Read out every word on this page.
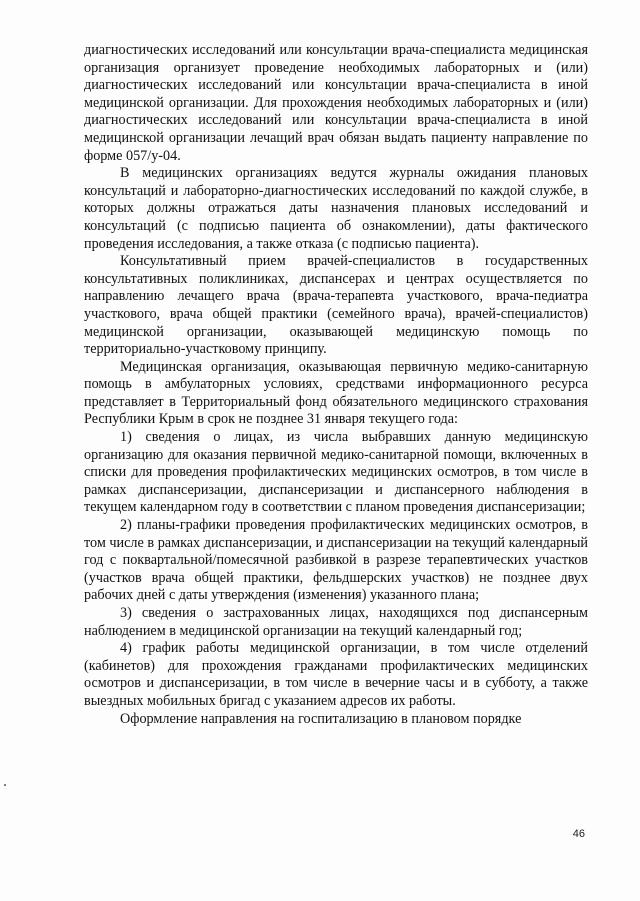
диагностических исследований или консультации врача-специалиста медицинская организация организует проведение необходимых лабораторных и (или) диагностических исследований или консультации врача-специалиста в иной медицинской организации. Для прохождения необходимых лабораторных и (или) диагностических исследований или консультации врача-специалиста в иной медицинской организации лечащий врач обязан выдать пациенту направление по форме 057/у-04.

В медицинских организациях ведутся журналы ожидания плановых консультаций и лабораторно-диагностических исследований по каждой службе, в которых должны отражаться даты назначения плановых исследований и консультаций (с подписью пациента об ознакомлении), даты фактического проведения исследования, а также отказа (с подписью пациента).

Консультативный прием врачей-специалистов в государственных консультативных поликлиниках, диспансерах и центрах осуществляется по направлению лечащего врача (врача-терапевта участкового, врача-педиатра участкового, врача общей практики (семейного врача), врачей-специалистов) медицинской организации, оказывающей медицинскую помощь по территориально-участковому принципу.

Медицинская организация, оказывающая первичную медико-санитарную помощь в амбулаторных условиях, средствами информационного ресурса представляет в Территориальный фонд обязательного медицинского страхования Республики Крым в срок не позднее 31 января текущего года:

1) сведения о лицах, из числа выбравших данную медицинскую организацию для оказания первичной медико-санитарной помощи, включенных в списки для проведения профилактических медицинских осмотров, в том числе в рамках диспансеризации, диспансеризации и диспансерного наблюдения в текущем календарном году в соответствии с планом проведения диспансеризации;

2) планы-графики проведения профилактических медицинских осмотров, в том числе в рамках диспансеризации, и диспансеризации на текущий календарный год с поквартальной/помесячной разбивкой в разрезе терапевтических участков (участков врача общей практики, фельдшерских участков) не позднее двух рабочих дней с даты утверждения (изменения) указанного плана;

3) сведения о застрахованных лицах, находящихся под диспансерным наблюдением в медицинской организации на текущий календарный год;

4) график работы медицинской организации, в том числе отделений (кабинетов) для прохождения гражданами профилактических медицинских осмотров и диспансеризации, в том числе в вечерние часы и в субботу, а также выездных мобильных бригад с указанием адресов их работы.

Оформление направления на госпитализацию в плановом порядке

46
